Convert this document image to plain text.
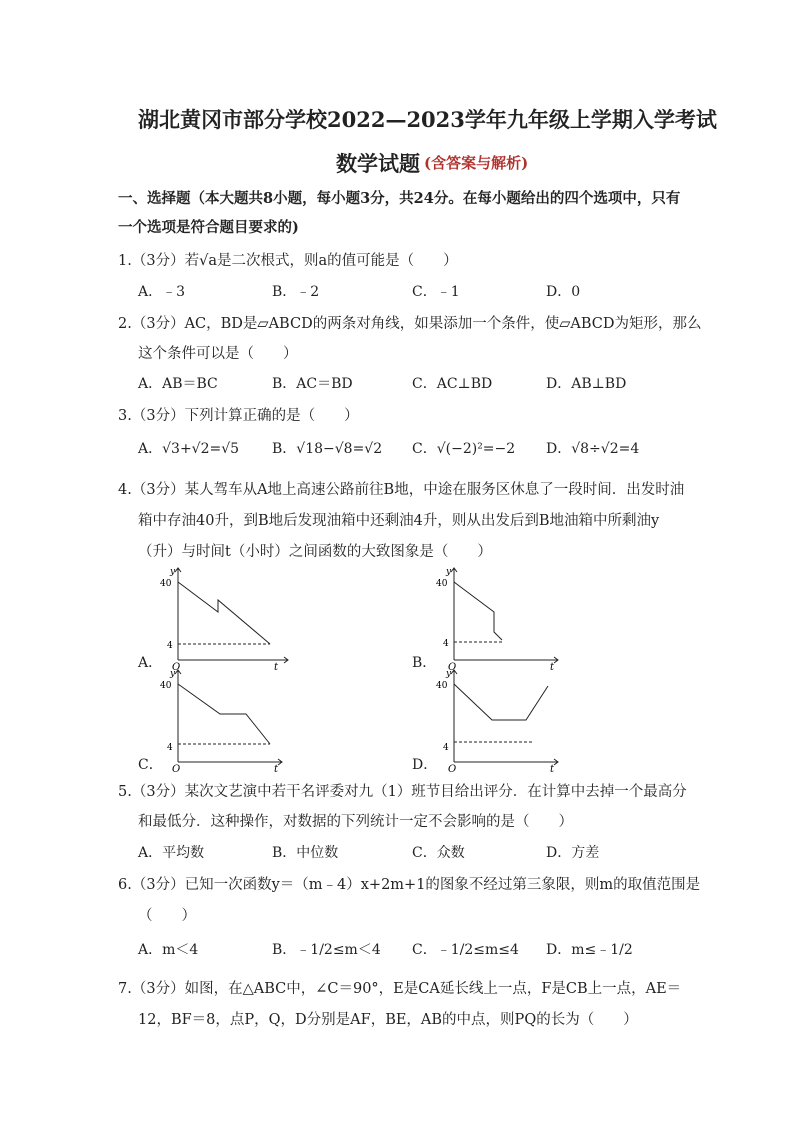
湖北黄冈市部分学校2022—2023学年九年级上学期入学考试
数学试题 (含答案与解析)
一、选择题（本大题共8小题，每小题3分，共24分。在每小题给出的四个选项中，只有
一个选项是符合题目要求的)
1.（3分）若√a是二次根式，则a的值可能是（　　）
A．﹣3	B．﹣2	C．﹣1	D．0
2.（3分）AC，BD是▱ABCD的两条对角线，如果添加一个条件，使▱ABCD为矩形，那么
这个条件可以是（　　）
A．AB＝BC	B．AC＝BD	C．AC⊥BD	D．AB⊥BD
3.（3分）下列计算正确的是（　　）
A．√3+√2=√5 B．√18−√8=√2 C．√(−2)²=−2 D．√8÷√2=4
4.（3分）某人驾车从A地上高速公路前往B地，中途在服务区休息了一段时间．出发时油
箱中存油40升，到B地后发现油箱中还剩油4升，则从出发后到B地油箱中所剩油y
（升）与时间t（小时）之间函数的大致图象是（　　）
A．
y
40
4
O	t	B．
y
40
4
O	t
C．
y
40
4
O	t	D．
y
40
4
O	t
5.（3分）某次文艺演中若干名评委对九（1）班节目给出评分．在计算中去掉一个最高分
和最低分．这种操作，对数据的下列统计一定不会影响的是（　　）
A．平均数	B．中位数	C．众数	D．方差
6.（3分）已知一次函数y＝（m﹣4）x+2m+1的图象不经过第三象限，则m的取值范围是
（　　）
A．m＜4	B．﹣1/2≤m＜4 C．﹣1/2≤m≤4 D．m≤﹣1/2
7.（3分）如图，在△ABC中，∠C＝90°，E是CA延长线上一点，F是CB上一点，AE＝
12，BF＝8，点P，Q，D分别是AF，BE，AB的中点，则PQ的长为（　　）
